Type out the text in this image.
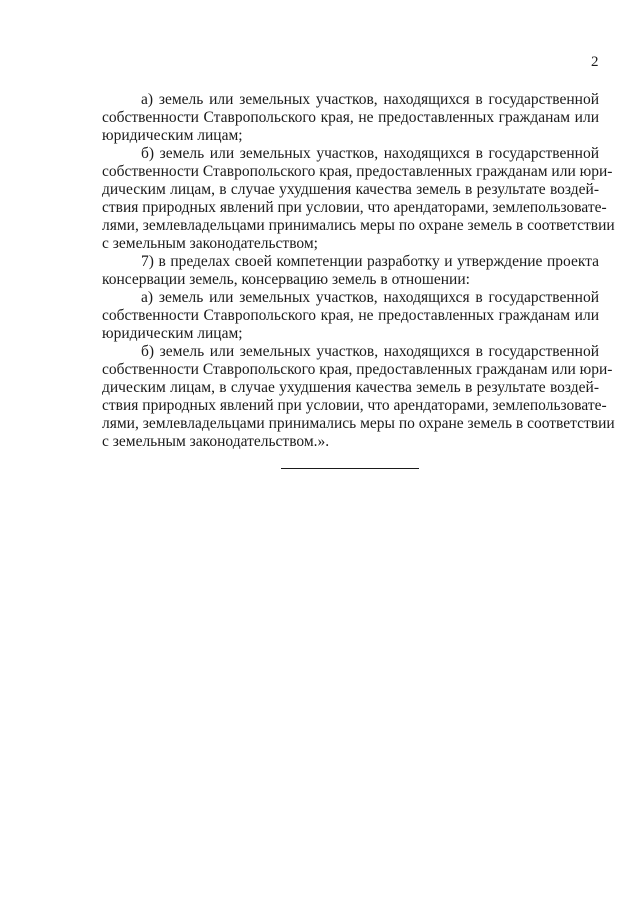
2
а) земель или земельных участков, находящихся в государственной
собственности Ставропольского края, не предоставленных гражданам или
юридическим лицам;
б) земель или земельных участков, находящихся в государственной
собственности Ставропольского края, предоставленных гражданам или юри-
дическим лицам, в случае ухудшения качества земель в результате воздей-
ствия природных явлений при условии, что арендаторами, землепользовате-
лями, землевладельцами принимались меры по охране земель в соответствии
с земельным законодательством;
7) в пределах своей компетенции разработку и утверждение проекта
консервации земель, консервацию земель в отношении:
а) земель или земельных участков, находящихся в государственной
собственности Ставропольского края, не предоставленных гражданам или
юридическим лицам;
б) земель или земельных участков, находящихся в государственной
собственности Ставропольского края, предоставленных гражданам или юри-
дическим лицам, в случае ухудшения качества земель в результате воздей-
ствия природных явлений при условии, что арендаторами, землепользовате-
лями, землевладельцами принимались меры по охране земель в соответствии
с земельным законодательством.».
